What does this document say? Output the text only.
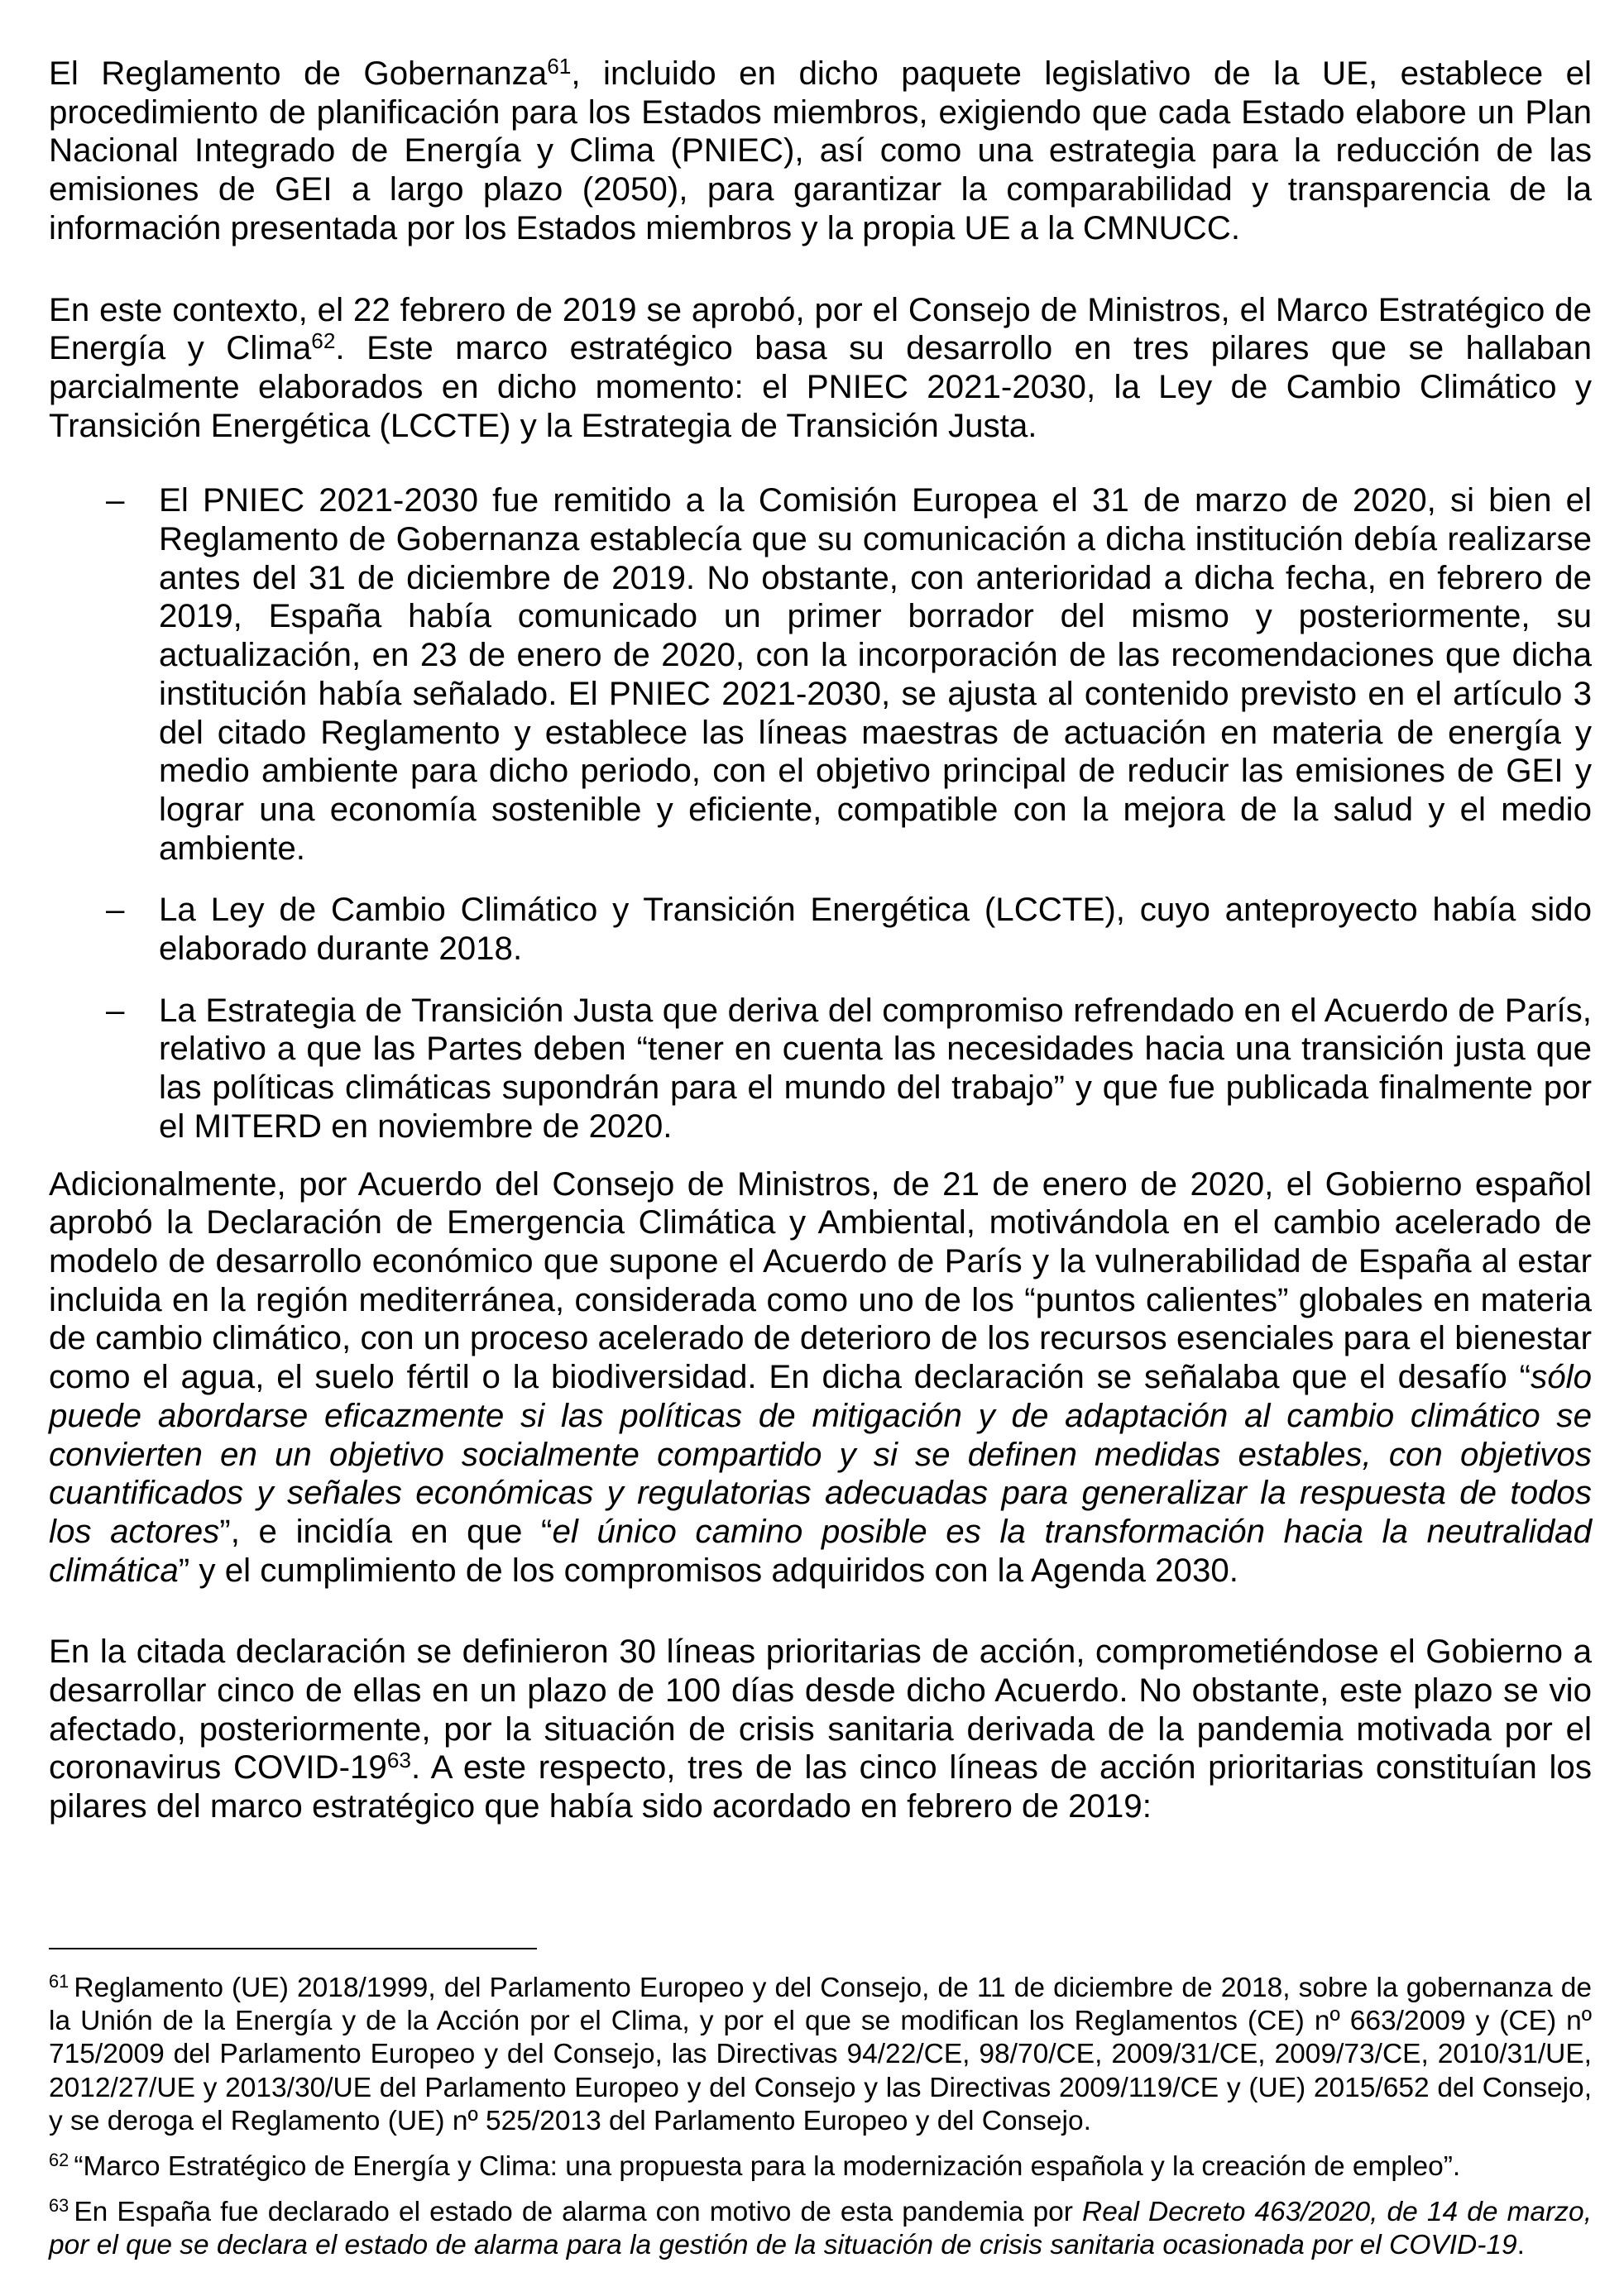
El Reglamento de Gobernanza$^{61}$, incluido en dicho paquete legislativo de la UE, establece el procedimiento de planificación para los Estados miembros, exigiendo que cada Estado elabore un Plan Nacional Integrado de Energía y Clima (PNIEC), así como una estrategia para la reducción de las emisiones de GEI a largo plazo (2050), para garantizar la comparabilidad y transparencia de la información presentada por los Estados miembros y la propia UE a la CMNUCC.

En este contexto, el 22 febrero de 2019 se aprobó, por el Consejo de Ministros, el Marco Estratégico de Energía y Clima$^{62}$. Este marco estratégico basa su desarrollo en tres pilares que se hallaban parcialmente elaborados en dicho momento: el PNIEC 2021-2030, la Ley de Cambio Climático y Transición Energética (LCCTE) y la Estrategia de Transición Justa.

– El PNIEC 2021-2030 fue remitido a la Comisión Europea el 31 de marzo de 2020, si bien el Reglamento de Gobernanza establecía que su comunicación a dicha institución debía realizarse antes del 31 de diciembre de 2019. No obstante, con anterioridad a dicha fecha, en febrero de 2019, España había comunicado un primer borrador del mismo y posteriormente, su actualización, en 23 de enero de 2020, con la incorporación de las recomendaciones que dicha institución había señalado. El PNIEC 2021-2030, se ajusta al contenido previsto en el artículo 3 del citado Reglamento y establece las líneas maestras de actuación en materia de energía y medio ambiente para dicho periodo, con el objetivo principal de reducir las emisiones de GEI y lograr una economía sostenible y eficiente, compatible con la mejora de la salud y el medio ambiente.
– La Ley de Cambio Climático y Transición Energética (LCCTE), cuyo anteproyecto había sido elaborado durante 2018.
– La Estrategia de Transición Justa que deriva del compromiso refrendado en el Acuerdo de París, relativo a que las Partes deben “tener en cuenta las necesidades hacia una transición justa que las políticas climáticas supondrán para el mundo del trabajo” y que fue publicada finalmente por el MITERD en noviembre de 2020.

Adicionalmente, por Acuerdo del Consejo de Ministros, de 21 de enero de 2020, el Gobierno español aprobó la Declaración de Emergencia Climática y Ambiental, motivándola en el cambio acelerado de modelo de desarrollo económico que supone el Acuerdo de París y la vulnerabilidad de España al estar incluida en la región mediterránea, considerada como uno de los “puntos calientes” globales en materia de cambio climático, con un proceso acelerado de deterioro de los recursos esenciales para el bienestar como el agua, el suelo fértil o la biodiversidad. En dicha declaración se señalaba que el desafío “sólo puede abordarse eficazmente si las políticas de mitigación y de adaptación al cambio climático se convierten en un objetivo socialmente compartido y si se definen medidas estables, con objetivos cuantificados y señales económicas y regulatorias adecuadas para generalizar la respuesta de todos los actores”, e incidía en que “el único camino posible es la transformación hacia la neutralidad climática” y el cumplimiento de los compromisos adquiridos con la Agenda 2030.

En la citada declaración se definieron 30 líneas prioritarias de acción, comprometiéndose el Gobierno a desarrollar cinco de ellas en un plazo de 100 días desde dicho Acuerdo. No obstante, este plazo se vio afectado, posteriormente, por la situación de crisis sanitaria derivada de la pandemia motivada por el coronavirus COVID-19$^{63}$. A este respecto, tres de las cinco líneas de acción prioritarias constituían los pilares del marco estratégico que había sido acordado en febrero de 2019:

$^{61}$ Reglamento (UE) 2018/1999, del Parlamento Europeo y del Consejo, de 11 de diciembre de 2018, sobre la gobernanza de la Unión de la Energía y de la Acción por el Clima, y por el que se modifican los Reglamentos (CE) nº 663/2009 y (CE) nº 715/2009 del Parlamento Europeo y del Consejo, las Directivas 94/22/CE, 98/70/CE, 2009/31/CE, 2009/73/CE, 2010/31/UE, 2012/27/UE y 2013/30/UE del Parlamento Europeo y del Consejo y las Directivas 2009/119/CE y (UE) 2015/652 del Consejo, y se deroga el Reglamento (UE) nº 525/2013 del Parlamento Europeo y del Consejo.

$^{62}$ “Marco Estratégico de Energía y Clima: una propuesta para la modernización española y la creación de empleo”.

$^{63}$ En España fue declarado el estado de alarma con motivo de esta pandemia por Real Decreto 463/2020, de 14 de marzo, por el que se declara el estado de alarma para la gestión de la situación de crisis sanitaria ocasionada por el COVID-19.
